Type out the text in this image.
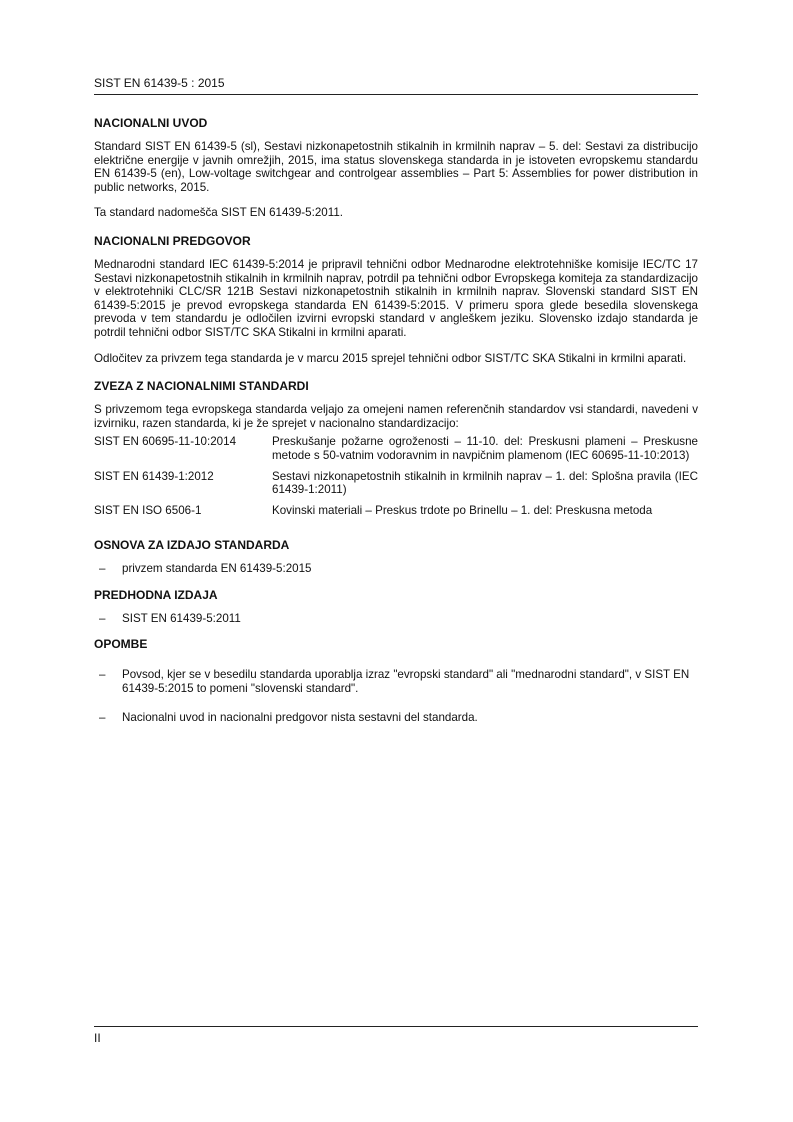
SIST EN 61439-5 : 2015
NACIONALNI UVOD

Standard SIST EN 61439-5 (sl), Sestavi nizkonapetostnih stikalnih in krmilnih naprav – 5. del: Sestavi za distribucijo električne energije v javnih omrežjih, 2015, ima status slovenskega standarda in je istoveten evropskemu standardu EN 61439-5 (en), Low-voltage switchgear and controlgear assemblies – Part 5: Assemblies for power distribution in public networks, 2015.

Ta standard nadomešča SIST EN 61439-5:2011.

NACIONALNI PREDGOVOR

Mednarodni standard IEC 61439-5:2014 je pripravil tehnični odbor Mednarodne elektrotehniške komisije IEC/TC 17 Sestavi nizkonapetostnih stikalnih in krmilnih naprav, potrdil pa tehnični odbor Evropskega komiteja za standardizacijo v elektrotehniki CLC/SR 121B Sestavi nizkonapetostnih stikalnih in krmilnih naprav. Slovenski standard SIST EN 61439-5:2015 je prevod evropskega standarda EN 61439-5:2015. V primeru spora glede besedila slovenskega prevoda v tem standardu je odločilen izvirni evropski standard v angleškem jeziku. Slovensko izdajo standarda je potrdil tehnični odbor SIST/TC SKA Stikalni in krmilni aparati.

Odločitev za privzem tega standarda je v marcu 2015 sprejel tehnični odbor SIST/TC SKA Stikalni in krmilni aparati.

ZVEZA Z NACIONALNIMI STANDARDI

S privzemom tega evropskega standarda veljajo za omejeni namen referenčnih standardov vsi standardi, navedeni v izvirniku, razen standarda, ki je že sprejet v nacionalno standardizacijo:

SIST EN 60695-11-10:2014	Preskušanje požarne ogroženosti – 11-10. del: Preskusni plameni – Preskusne metode s 50-vatnim vodoravnim in navpičnim plamenom (IEC 60695-11-10:2013)
SIST EN 61439-1:2012	Sestavi nizkonapetostnih stikalnih in krmilnih naprav – 1. del: Splošna pravila (IEC 61439-1:2011)
SIST EN ISO 6506-1	Kovinski materiali – Preskus trdote po Brinellu – 1. del: Preskusna metoda
OSNOVA ZA IZDAJO STANDARDA
– privzem standarda EN 61439-5:2015
PREDHODNA IZDAJA
– SIST EN 61439-5:2011
OPOMBE
– Povsod, kjer se v besedilu standarda uporablja izraz "evropski standard" ali "mednarodni standard", v SIST EN 61439-5:2015 to pomeni "slovenski standard".
– Nacionalni uvod in nacionalni predgovor nista sestavni del standarda.
II
